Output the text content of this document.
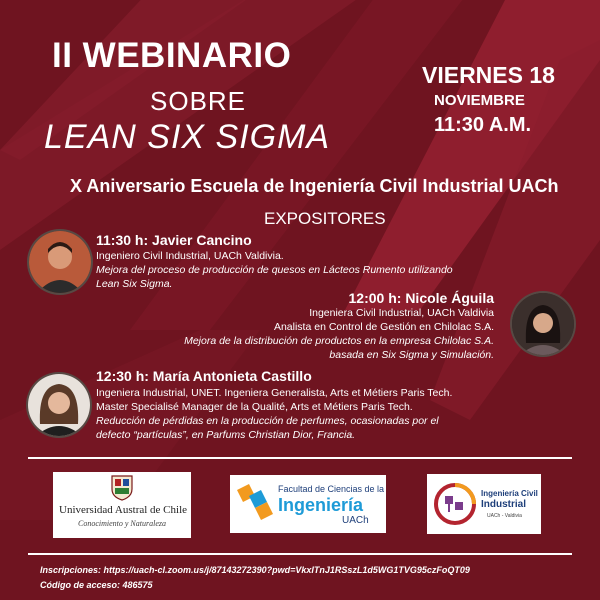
II WEBINARIO
SOBRE
LEAN SIX SIGMA
VIERNES 18
NOVIEMBRE
11:30 A.M.
X Aniversario Escuela de Ingeniería Civil Industrial UACh
EXPOSITORES
11:30 h: Javier Cancino
Ingeniero Civil Industrial, UACh Valdivia.
Mejora del proceso de producción de quesos en Lácteos Rumento utilizando
Lean Six Sigma.
12:00 h: Nicole Águila
Ingeniera Civil Industrial, UACh Valdivia
Analista en Control de Gestión en Chilolac S.A.
Mejora de la distribución de productos en la empresa Chilolac S.A.
basada en Six Sigma y Simulación.
12:30 h: María Antonieta Castillo
Ingeniera Industrial, UNET. Ingeniera Generalista, Arts et Métiers Paris Tech.
Master Specialisé Manager de la Qualité, Arts et Métiers Paris Tech.
Reducción de pérdidas en la producción de perfumes, ocasionadas por el
defecto “partículas”, en Parfums Christian Dior, Francia.
Universidad Austral de Chile
Conocimiento y Naturaleza
Facultad de Ciencias de la
Ingeniería
UACh
Ingeniería Civil
Industrial
UACh - Valdivia
Inscripciones: https://uach-cl.zoom.us/j/87143272390?pwd=VkxITnJ1RSszL1d5WG1TVG95czFoQT09
Código de acceso: 486575
